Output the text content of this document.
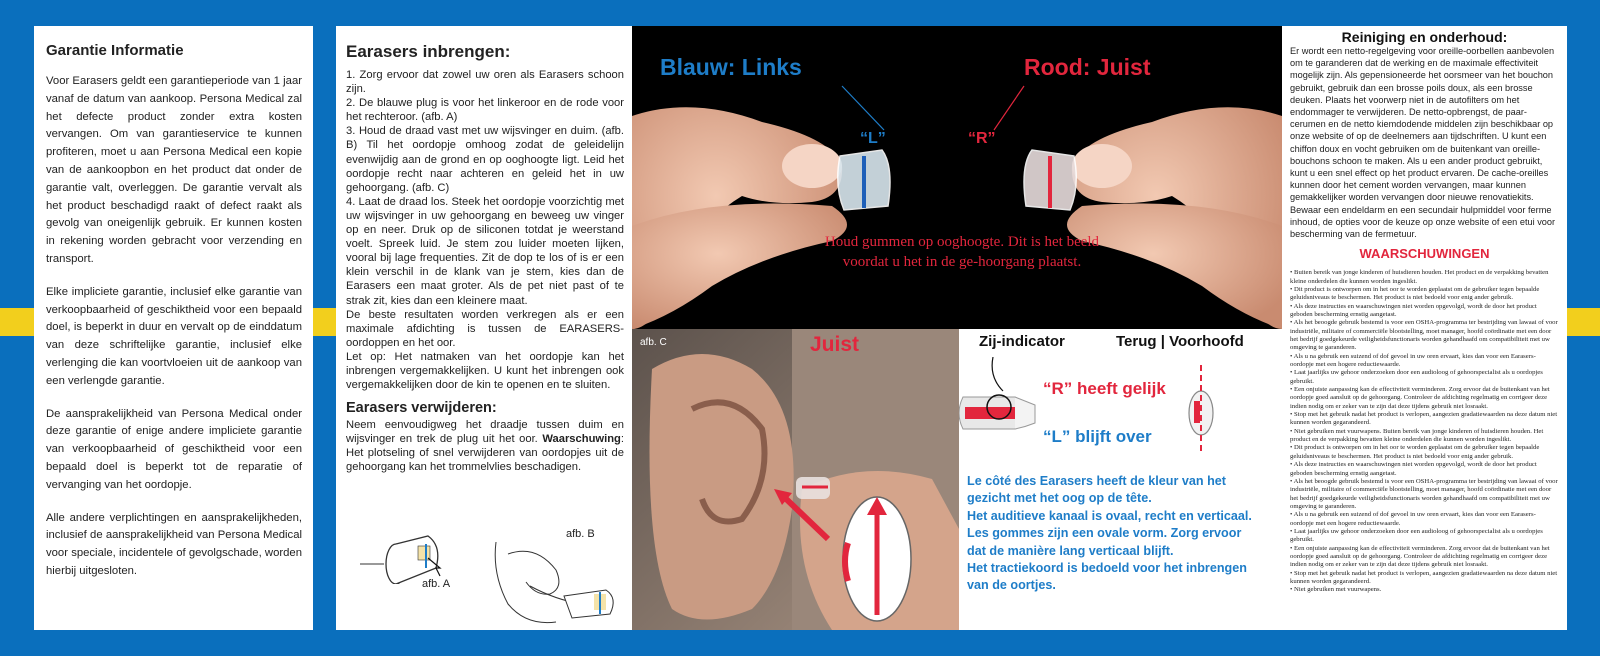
Garantie Informatie

Voor Earasers geldt een garantieperiode van 1 jaar vanaf de datum van aankoop. Persona Medical zal het defecte product zonder extra kosten vervangen. Om van garantieservice te kunnen profiteren, moet u aan Persona Medical een kopie van de aankoopbon en het product dat onder de garantie valt, overleggen. De garantie vervalt als het product beschadigd raakt of defect raakt als gevolg van oneigenlijk gebruik. Er kunnen kosten in rekening worden gebracht voor verzending en transport.

Elke impliciete garantie, inclusief elke garantie van verkoopbaarheid of geschiktheid voor een bepaald doel, is beperkt in duur en vervalt op de einddatum van deze schriftelijke garantie, inclusief elke verlenging die kan voortvloeien uit de aankoop van een verlengde garantie.

De aansprakelijkheid van Persona Medical onder deze garantie of enige andere impliciete garantie van verkoopbaarheid of geschiktheid voor een bepaald doel is beperkt tot de reparatie of vervanging van het oordopje.

Alle andere verplichtingen en aansprakelijkheden, inclusief de aansprakelijkheid van Persona Medical voor speciale, incidentele of gevolgschade, worden hierbij uitgesloten.

Earasers inbrengen:

1. Zorg ervoor dat zowel uw oren als Earasers schoon zijn.
2. De blauwe plug is voor het linkeroor en de rode voor het rechteroor. (afb. A)
3. Houd de draad vast met uw wijsvinger en duim. (afb. B) Til het oordopje omhoog zodat de geleidelijn evenwijdig aan de grond en op ooghoogte ligt. Leid het oordopje recht naar achteren en geleid het in uw gehoorgang. (afb. C)
4. Laat de draad los. Steek het oordopje voorzichtig met uw wijsvinger in uw gehoorgang en beweeg uw vinger op en neer. Druk op de siliconen totdat je weerstand voelt. Spreek luid. Je stem zou luider moeten lijken, vooral bij lage frequenties. Zit de dop te los of is er een klein verschil in de klank van je stem, kies dan de Earasers een maat groter. Als de pet niet past of te strak zit, kies dan een kleinere maat.
De beste resultaten worden verkregen als er een maximale afdichting is tussen de EARASERS-oordoppen en het oor.
Let op: Het natmaken van het oordopje kan het inbrengen vergemakkelijken. U kunt het inbrengen ook vergemakkelijken door de kin te openen en te sluiten.

Earasers verwijderen:

Neem eenvoudigweg het draadje tussen duim en wijsvinger en trek de plug uit het oor. Waarschuwing: Het plotseling of snel verwijderen van oordopjes uit de gehoorgang kan het trommelvlies beschadigen.

afb. A
afb. B
Blauw: Links	Rood: Juist
“L”	“R”
Houd gummen op ooghoogte. Dit is het beeld voordat u het in de ge-hoorgang plaatst.
afb. C	Juist	Zij-indicator	Terug | Voorhoofd
“R” heeft gelijk
“L” blijft over
Le côté des Earasers heeft de kleur van het
gezicht met het oog op de tête.
Het auditieve kanaal is ovaal, recht en verticaal.
Les gommes zijn een ovale vorm. Zorg ervoor
dat de manière lang verticaal blijft.
Het tractiekoord is bedoeld voor het inbrengen
van de oortjes.
Reiniging en onderhoud:

Er wordt een netto-regelgeving voor oreille-oorbellen aanbevolen om te garanderen dat de werking en de maximale effectiviteit mogelijk zijn. Als gepensioneerde het oorsmeer van het bouchon gebruikt, gebruik dan een brosse poils doux, als een brosse deuken. Plaats het voorwerp niet in de autofilters om het endommager te verwijderen. De netto-opbrengst, de paar-cerumen en de netto kiemdodende middelen zijn beschikbaar op onze website of op de deelnemers aan tijdschriften. U kunt een chiffon doux en vocht gebruiken om de buitenkant van oreille-bouchons schoon te maken. Als u een ander product gebruikt, kunt u een snel effect op het product ervaren. De cache-oreilles kunnen door het cement worden vervangen, maar kunnen gemakkelijker worden vervangen door nieuwe renovatiekits. Bewaar een endeldarm en een secundair hulpmiddel voor ferme inhoud, de opties voor de keuze op onze website of een etui voor bescherming van de fermetuur.

WAARSCHUWINGEN
• Buiten bereik van jonge kinderen of huisdieren houden. Het product en de verpakking bevatten kleine onderdelen die kunnen worden ingeslikt.
• Dit product is ontworpen om in het oor te worden geplaatst om de gebruiker tegen bepaalde geluidsniveaus te beschermen. Het product is niet bedoeld voor enig ander gebruik.
• Als deze instructies en waarschuwingen niet worden opgevolgd, wordt de door het product geboden bescherming ernstig aangetast.
• Als het beoogde gebruik bestemd is voor een OSHA-programma ter bestrijding van lawaai of voor industriële, militaire of commerciële blootstelling, moet manager, hoofd coördinatie met een door het bedrijf goedgekeurde veiligheidsfunctionaris worden gehandhaafd om compatibiliteit met uw omgeving te garanderen.
• Als u na gebruik een suizend of dof gevoel in uw oren ervaart, kies dan voor een Earasers-oordopje met een hogere reductiewaarde.
• Laat jaarlijks uw gehoor onderzoeken door een audioloog of gehoorspecialist als u oordopjes gebruikt.
• Een onjuiste aanpassing kan de effectiviteit verminderen. Zorg ervoor dat de buitenkant van het oordopje goed aansluit op de gehoorgang. Controleer de afdichting regelmatig en corrigeer deze indien nodig om er zeker van te zijn dat deze tijdens gebruik niet losraakt.
• Stop met het gebruik nadat het product is verlopen, aangezien gradatiewaarden na deze datum niet kunnen worden gegarandeerd.
• Niet gebruiken met vuurwapens. Buiten bereik van jonge kinderen of huisdieren houden. Het product en de verpakking bevatten kleine onderdelen die kunnen worden ingeslikt.
• Dit product is ontworpen om in het oor te worden geplaatst om de gebruiker tegen bepaalde geluidsniveaus te beschermen. Het product is niet bedoeld voor enig ander gebruik.
• Als deze instructies en waarschuwingen niet worden opgevolgd, wordt de door het product geboden bescherming ernstig aangetast.
• Als het beoogde gebruik bestemd is voor een OSHA-programma ter bestrijding van lawaai of voor industriële, militaire of commerciële blootstelling, moet manager, hoofd coördinatie met een door het bedrijf goedgekeurde veiligheidsfunctionaris worden gehandhaafd om compatibiliteit met uw omgeving te garanderen.
• Als u na gebruik een suizend of dof gevoel in uw oren ervaart, kies dan voor een Earasers-oordopje met een hogere reductiewaarde.
• Laat jaarlijks uw gehoor onderzoeken door een audioloog of gehoorspecialist als u oordopjes gebruikt.
• Een onjuiste aanpassing kan de effectiviteit verminderen. Zorg ervoor dat de buitenkant van het oordopje goed aansluit op de gehoorgang. Controleer de afdichting regelmatig en corrigeer deze indien nodig om er zeker van te zijn dat deze tijdens gebruik niet losraakt.
• Stop met het gebruik nadat het product is verlopen, aangezien gradatiewaarden na deze datum niet kunnen worden gegarandeerd.
• Niet gebruiken met vuurwapens.
